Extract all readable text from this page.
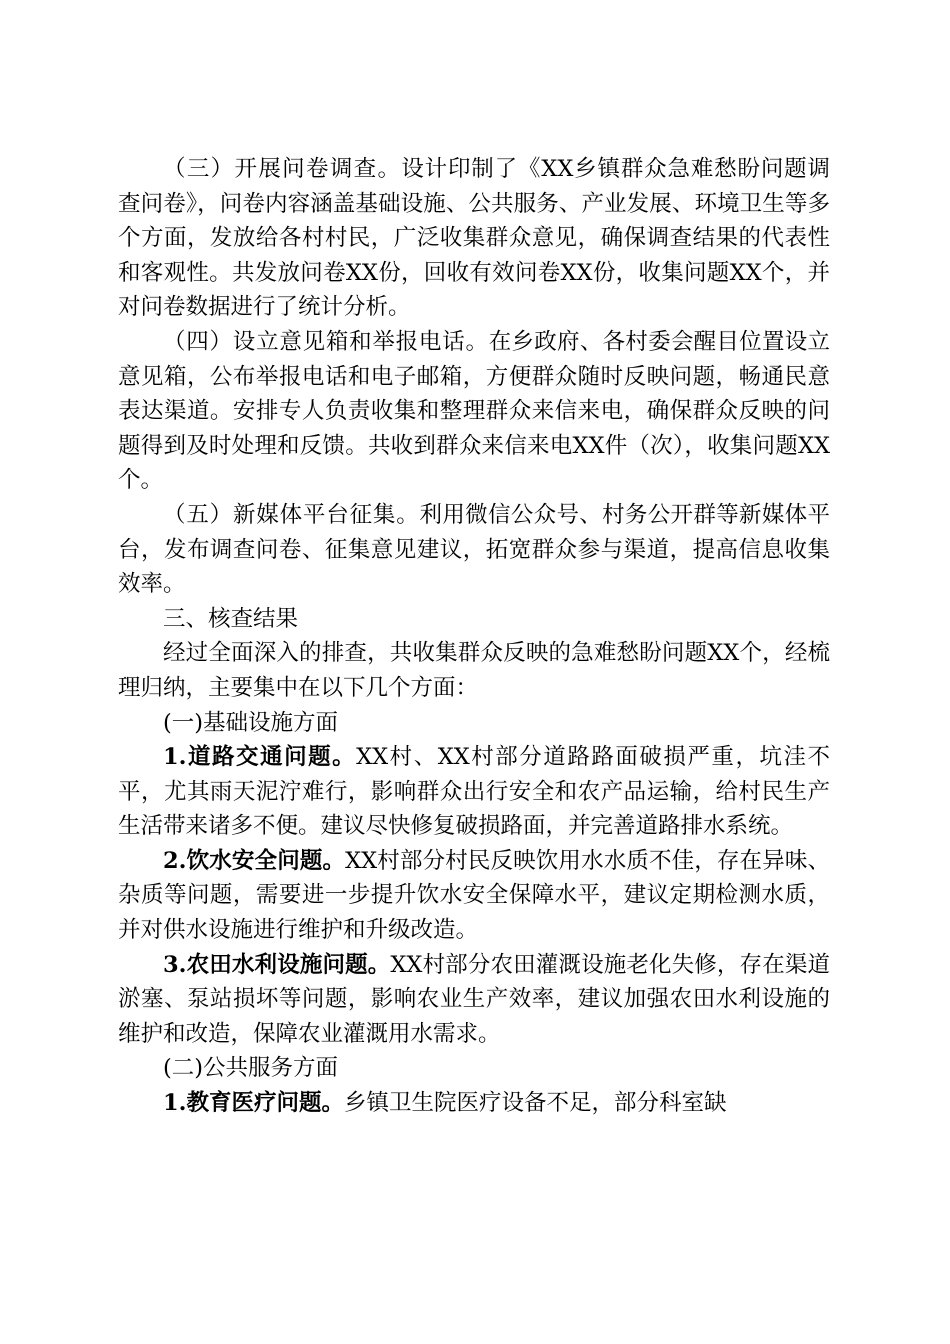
（三）开展问卷调查。设计印制了《XX乡镇群众急难愁盼问题调查问卷》，问卷内容涵盖基础设施、公共服务、产业发展、环境卫生等多个方面，发放给各村村民，广泛收集群众意见，确保调查结果的代表性和客观性。共发放问卷XX份，回收有效问卷XX份，收集问题XX个，并对问卷数据进行了统计分析。

（四）设立意见箱和举报电话。在乡政府、各村委会醒目位置设立意见箱，公布举报电话和电子邮箱，方便群众随时反映问题，畅通民意表达渠道。安排专人负责收集和整理群众来信来电，确保群众反映的问题得到及时处理和反馈。共收到群众来信来电XX件（次），收集问题XX个。

（五）新媒体平台征集。利用微信公众号、村务公开群等新媒体平台，发布调查问卷、征集意见建议，拓宽群众参与渠道，提高信息收集效率。

三、核查结果

经过全面深入的排查，共收集群众反映的急难愁盼问题XX个，经梳理归纳，主要集中在以下几个方面：

(一)基础设施方面

1.道路交通问题。XX村、XX村部分道路路面破损严重，坑洼不平，尤其雨天泥泞难行，影响群众出行安全和农产品运输，给村民生产生活带来诸多不便。建议尽快修复破损路面，并完善道路排水系统。

2.饮水安全问题。XX村部分村民反映饮用水水质不佳，存在异味、杂质等问题，需要进一步提升饮水安全保障水平，建议定期检测水质，并对供水设施进行维护和升级改造。

3.农田水利设施问题。XX村部分农田灌溉设施老化失修，存在渠道淤塞、泵站损坏等问题，影响农业生产效率，建议加强农田水利设施的维护和改造，保障农业灌溉用水需求。

(二)公共服务方面

1.教育医疗问题。乡镇卫生院医疗设备不足，部分科室缺
